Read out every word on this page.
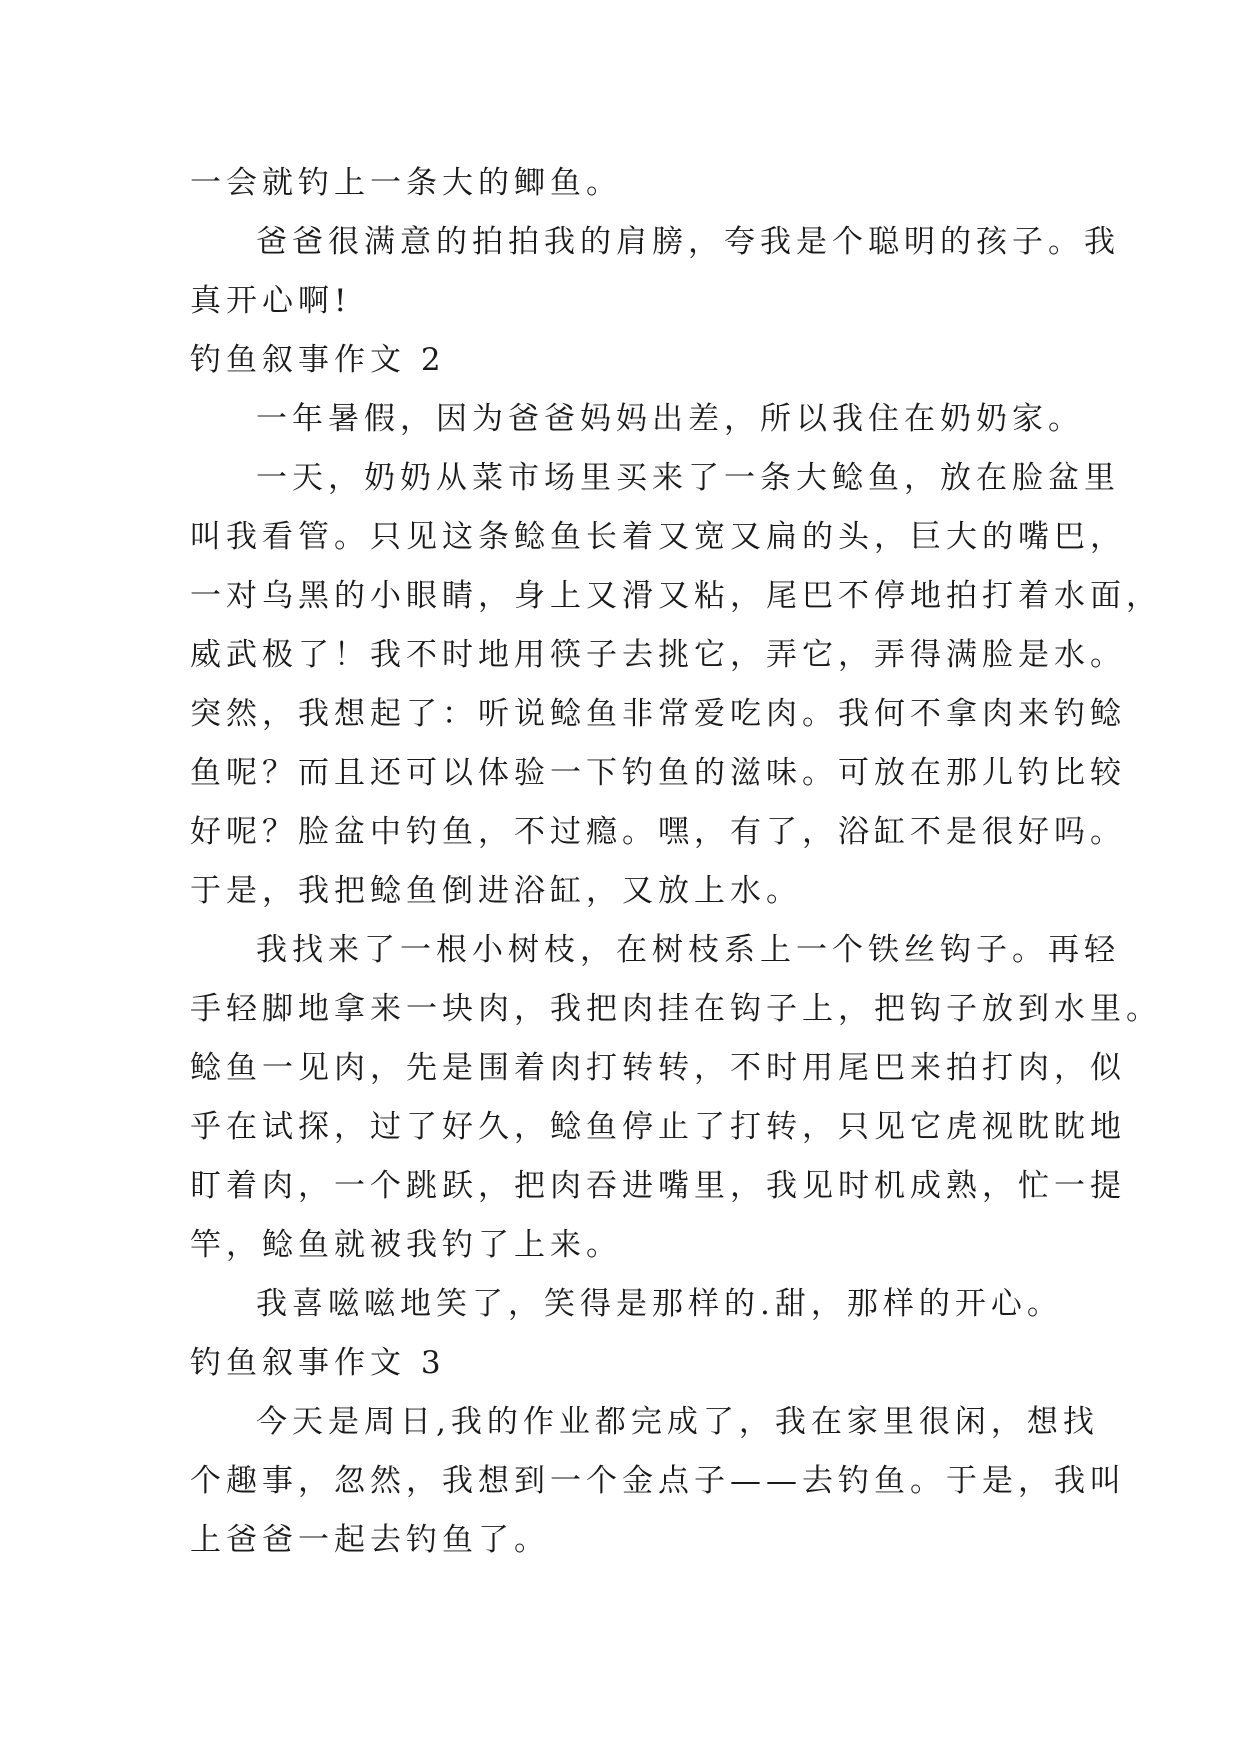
一会就钓上一条大的鲫鱼。
爸爸很满意的拍拍我的肩膀，夸我是个聪明的孩子。我
真开心啊!
钓鱼叙事作文 2
一年暑假，因为爸爸妈妈出差，所以我住在奶奶家。
一天，奶奶从菜市场里买来了一条大鲶鱼，放在脸盆里
叫我看管。只见这条鲶鱼长着又宽又扁的头，巨大的嘴巴，
一对乌黑的小眼睛，身上又滑又粘，尾巴不停地拍打着水面，
威武极了！我不时地用筷子去挑它，弄它，弄得满脸是水。
突然，我想起了：听说鲶鱼非常爱吃肉。我何不拿肉来钓鲶
鱼呢？而且还可以体验一下钓鱼的滋味。可放在那儿钓比较
好呢？脸盆中钓鱼，不过瘾。嘿，有了，浴缸不是很好吗。
于是，我把鲶鱼倒进浴缸，又放上水。
我找来了一根小树枝，在树枝系上一个铁丝钩子。再轻
手轻脚地拿来一块肉，我把肉挂在钩子上，把钩子放到水里。
鲶鱼一见肉，先是围着肉打转转，不时用尾巴来拍打肉，似
乎在试探，过了好久，鲶鱼停止了打转，只见它虎视眈眈地
盯着肉，一个跳跃，把肉吞进嘴里，我见时机成熟，忙一提
竿，鲶鱼就被我钓了上来。
我喜嗞嗞地笑了，笑得是那样的.甜，那样的开心。
钓鱼叙事作文 3
今天是周日,我的作业都完成了，我在家里很闲，想找
个趣事，忽然，我想到一个金点子——去钓鱼。于是，我叫
上爸爸一起去钓鱼了。
